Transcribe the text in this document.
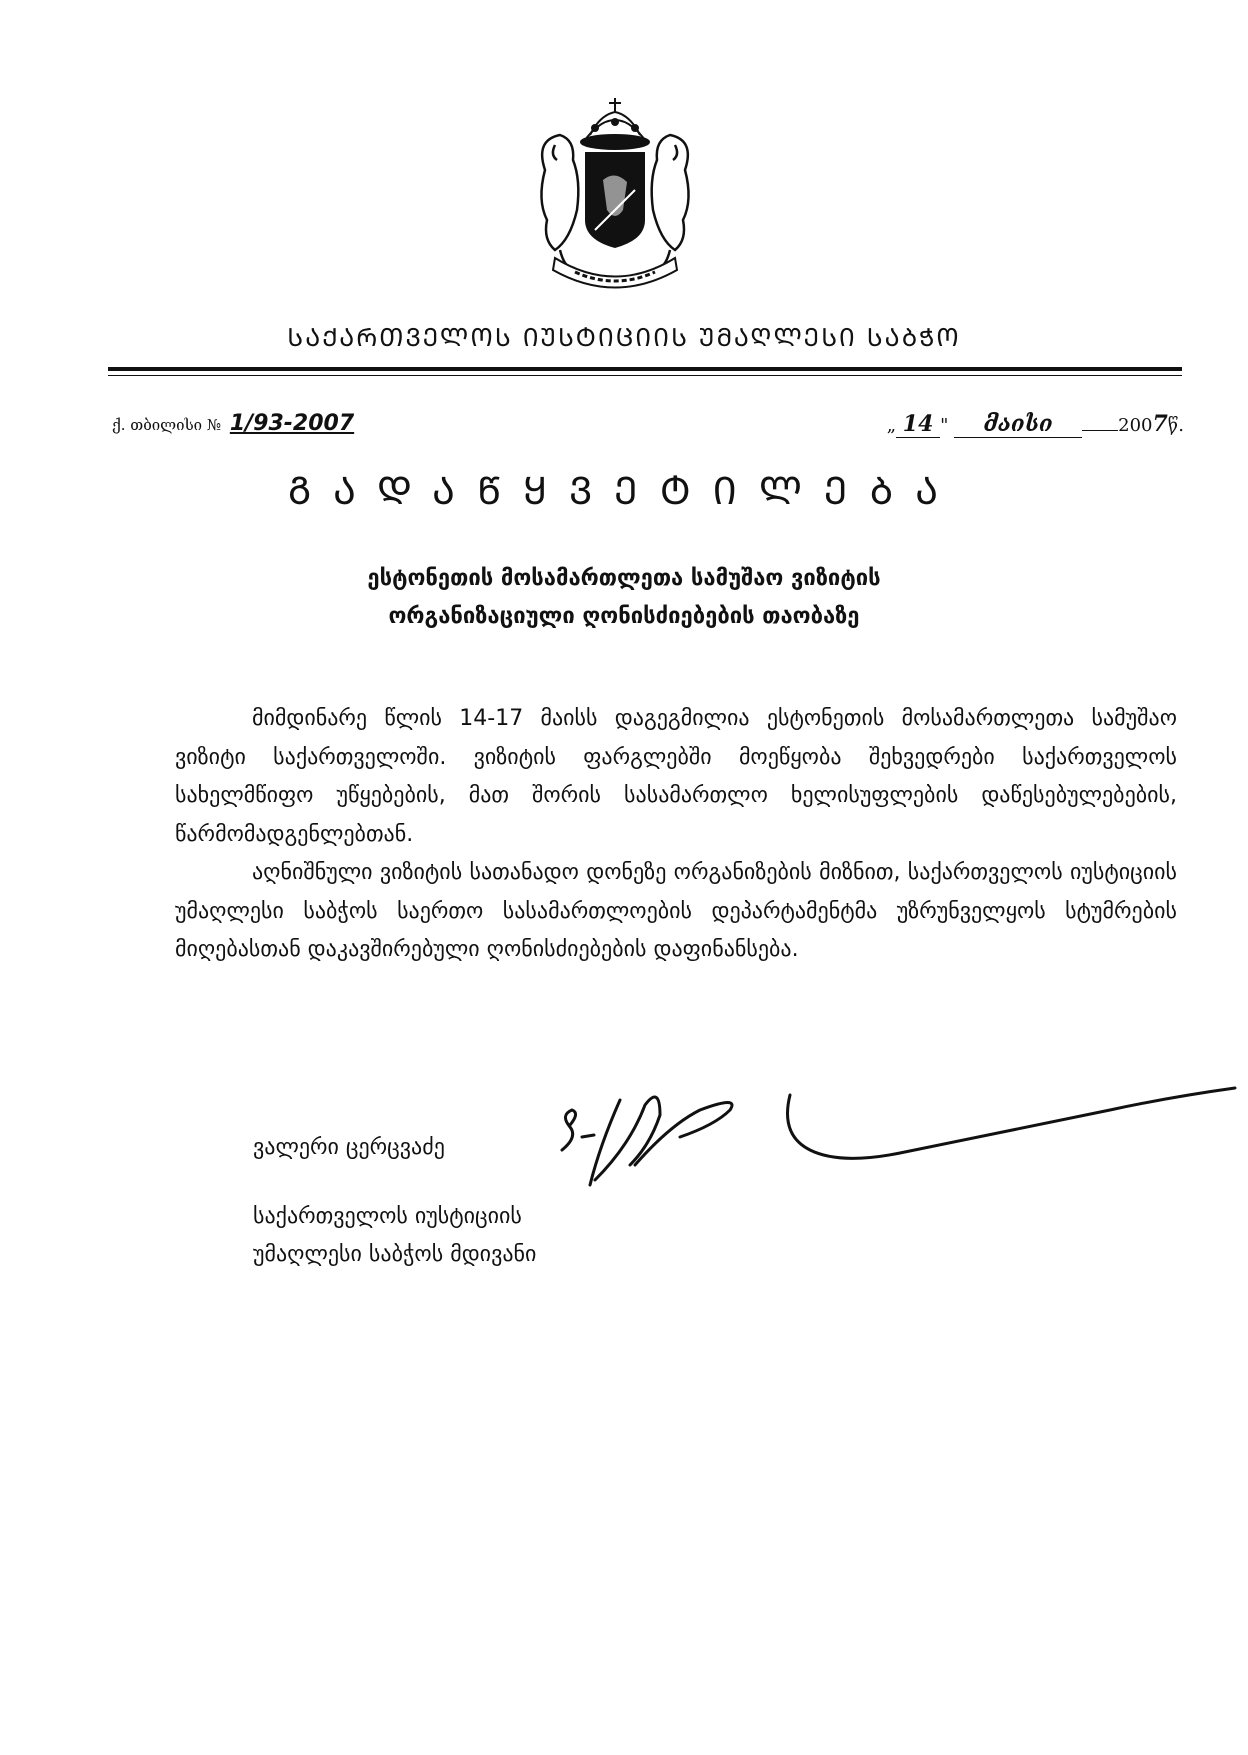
ᲡᲐᲥᲐᲠᲗᲕᲔᲚᲝᲡ ᲘᲣᲡᲢᲘᲪᲘᲘᲡ ᲣᲛᲐᲦᲚᲔᲡᲘ ᲡᲐᲑᲭᲝ
ქ. თბილისი № 1/93-2007	„ 14 " მაისი	2007წ.
ᲒᲐᲓᲐᲬᲧᲕᲔᲢᲘᲚᲔᲑᲐ
ესტონეთის მოსამართლეთა სამუშაო ვიზიტის
ორგანიზაციული ღონისძიებების თაობაზე

მიმდინარე წლის 14-17 მაისს დაგეგმილია ესტონეთის მოსამართლეთა სამუშაო ვიზიტი საქართველოში. ვიზიტის ფარგლებში მოეწყობა შეხვედრები საქართველოს სახელმწიფო უწყებების, მათ შორის სასამართლო ხელისუფლების დაწესებულებების, წარმომადგენლებთან.

აღნიშნული ვიზიტის სათანადო დონეზე ორგანიზების მიზნით, საქართველოს იუსტიციის უმაღლესი საბჭოს საერთო სასამართლოების დეპარტამენტმა უზრუნველყოს სტუმრების მიღებასთან დაკავშირებული ღონისძიებების დაფინანსება.

ვალერი ცერცვაძე
საქართველოს იუსტიციის
უმაღლესი საბჭოს მდივანი
